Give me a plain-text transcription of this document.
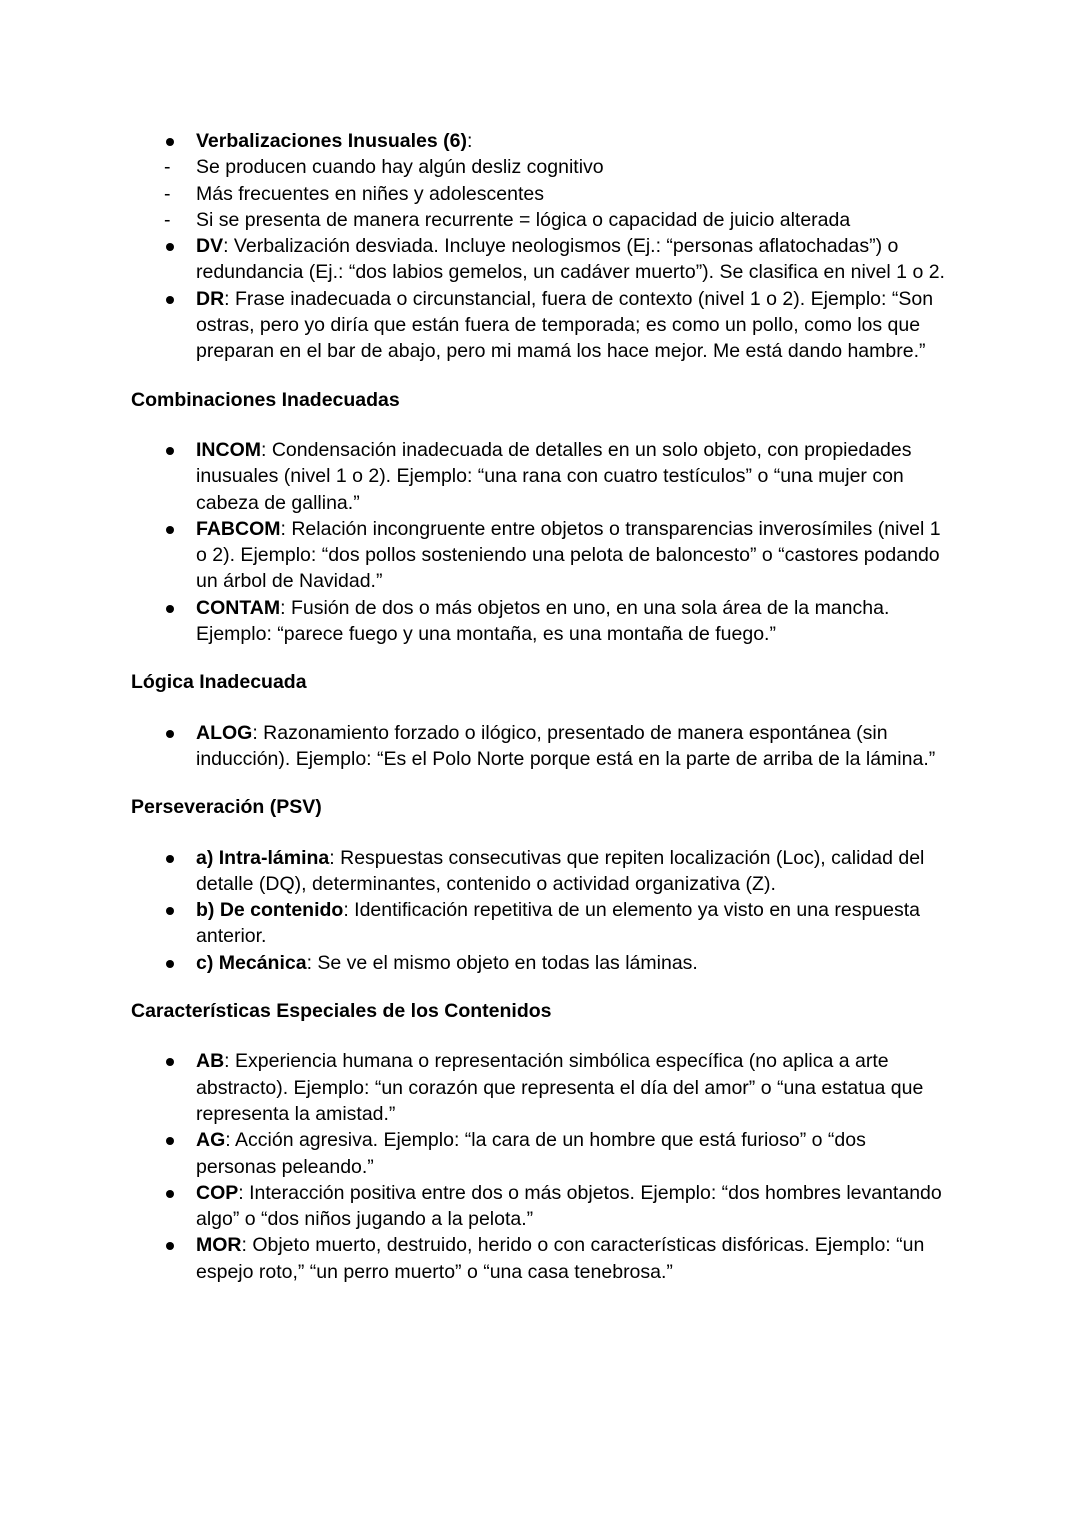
Verbalizaciones Inusuales (6):
- Se producen cuando hay algún desliz cognitivo
- Más frecuentes en niñes y adolescentes
- Si se presenta de manera recurrente = lógica o capacidad de juicio alterada
DV: Verbalización desviada. Incluye neologismos (Ej.: “personas aflatochadas”) o redundancia (Ej.: “dos labios gemelos, un cadáver muerto”). Se clasifica en nivel 1 o 2.
DR: Frase inadecuada o circunstancial, fuera de contexto (nivel 1 o 2). Ejemplo: “Son ostras, pero yo diría que están fuera de temporada; es como un pollo, como los que preparan en el bar de abajo, pero mi mamá los hace mejor. Me está dando hambre.”
Combinaciones Inadecuadas
INCOM: Condensación inadecuada de detalles en un solo objeto, con propiedades inusuales (nivel 1 o 2). Ejemplo: “una rana con cuatro testículos” o “una mujer con cabeza de gallina.”
FABCOM: Relación incongruente entre objetos o transparencias inverosímiles (nivel 1 o 2). Ejemplo: “dos pollos sosteniendo una pelota de baloncesto” o “castores podando un árbol de Navidad.”
CONTAM: Fusión de dos o más objetos en uno, en una sola área de la mancha. Ejemplo: “parece fuego y una montaña, es una montaña de fuego.”
Lógica Inadecuada
ALOG: Razonamiento forzado o ilógico, presentado de manera espontánea (sin inducción). Ejemplo: “Es el Polo Norte porque está en la parte de arriba de la lámina.”
Perseveración (PSV)
a) Intra-lámina: Respuestas consecutivas que repiten localización (Loc), calidad del detalle (DQ), determinantes, contenido o actividad organizativa (Z).
b) De contenido: Identificación repetitiva de un elemento ya visto en una respuesta anterior.
c) Mecánica: Se ve el mismo objeto en todas las láminas.
Características Especiales de los Contenidos
AB: Experiencia humana o representación simbólica específica (no aplica a arte abstracto). Ejemplo: “un corazón que representa el día del amor” o “una estatua que representa la amistad.”
AG: Acción agresiva. Ejemplo: “la cara de un hombre que está furioso” o “dos personas peleando.”
COP: Interacción positiva entre dos o más objetos. Ejemplo: “dos hombres levantando algo” o “dos niños jugando a la pelota.”
MOR: Objeto muerto, destruido, herido o con características disfóricas. Ejemplo: “un espejo roto,” “un perro muerto” o “una casa tenebrosa.”
